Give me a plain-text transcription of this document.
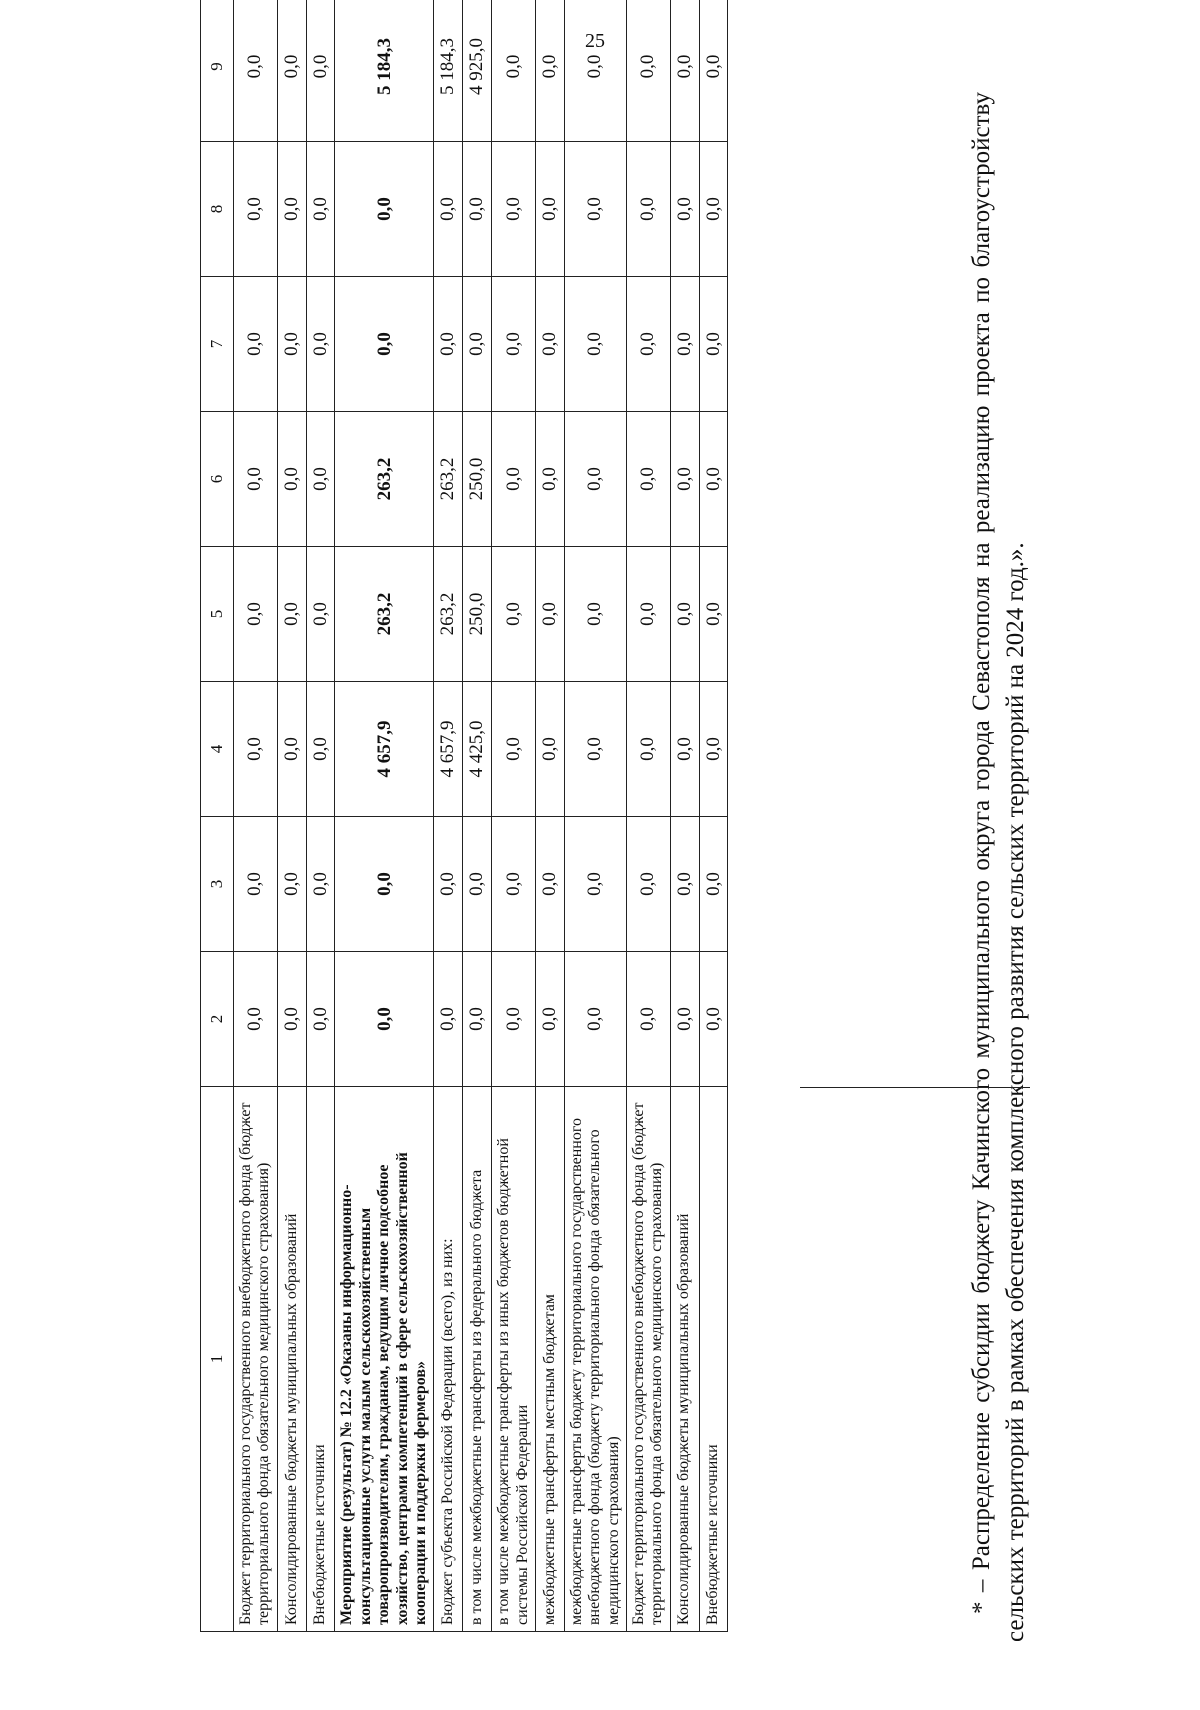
25
1	2	3	4	5	6	7	8	9
Бюджет территориального государственного внебюджетного фонда (бюджет территориального фонда обязательного медицинского страхования)	0,0	0,0	0,0	0,0	0,0	0,0	0,0	0,0
Консолидированные бюджеты муниципальных образований	0,0	0,0	0,0	0,0	0,0	0,0	0,0	0,0
Внебюджетные источники	0,0	0,0	0,0	0,0	0,0	0,0	0,0	0,0
Мероприятие (результат) № 12.2 «Оказаны информационно-консультационные услуги малым сельскохозяйственным товаропроизводителям, гражданам, ведущим личное подсобное хозяйство, центрами компетенций в сфере сельскохозяйственной кооперации и поддержки фермеров»	0,0	0,0	4 657,9	263,2	263,2	0,0	0,0	5 184,3
Бюджет субъекта Российской Федерации (всего), из них:	0,0	0,0	4 657,9	263,2	263,2	0,0	0,0	5 184,3
в том числе межбюджетные трансферты из федерального бюджета	0,0	0,0	4 425,0	250,0	250,0	0,0	0,0	4 925,0
в том числе межбюджетные трансферты из иных бюджетов бюджетной системы Российской Федерации	0,0	0,0	0,0	0,0	0,0	0,0	0,0	0,0
межбюджетные трансферты местным бюджетам	0,0	0,0	0,0	0,0	0,0	0,0	0,0	0,0
межбюджетные трансферты бюджету территориального государственного внебюджетного фонда (бюджету территориального фонда обязательного медицинского страхования)	0,0	0,0	0,0	0,0	0,0	0,0	0,0	0,0
Бюджет территориального государственного внебюджетного фонда (бюджет территориального фонда обязательного медицинского страхования)	0,0	0,0	0,0	0,0	0,0	0,0	0,0	0,0
Консолидированные бюджеты муниципальных образований	0,0	0,0	0,0	0,0	0,0	0,0	0,0	0,0
Внебюджетные источники	0,0	0,0	0,0	0,0	0,0	0,0	0,0	0,0
* – Распределение субсидии бюджету Качинского муниципального округа города Севастополя на реализацию проекта по благоустройству сельских территорий в рамках обеспечения комплексного развития сельских территорий на 2024 год.».
